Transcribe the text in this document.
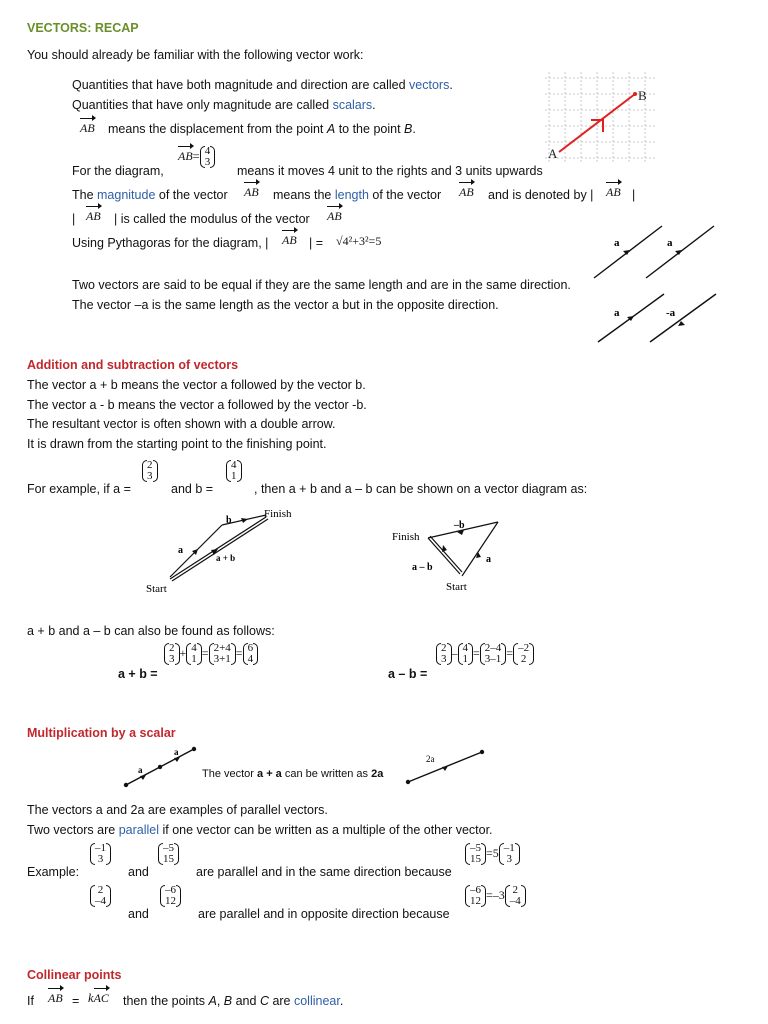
VECTORS: RECAP
You should already be familiar with the following vector work:
Quantities that have both magnitude and direction are called vectors.
Quantities that have only magnitude are called scalars.
AB means the displacement from the point A to the point B.
For the diagram,
AB= 4
3
means it moves 4 unit to the rights and 3 units upwards
The magnitude of the vector AB means the length of the vector AB and is denoted by | AB |
| AB | is called the modulus of the vector AB
Using Pythagoras for the diagram, | AB | = √4²+3²=5
Two vectors are said to be equal if they are the same length and are in the same direction.
The vector –a is the same length as the vector a but in the opposite direction.
A
B
a	a
a	-a
Addition and subtraction of vectors
The vector a + b means the vector a followed by the vector b.
The vector a - b means the vector a followed by the vector -b.
The resultant vector is often shown with a double arrow.
It is drawn from the starting point to the finishing point.
For example, if a =
2
3
and b =
4
1
, then a + b and a – b can be shown on a vector diagram as:
Finish
Start
a
b
a + b
Finish
Start
a
–b
a – b
a + b and a – b can also be found as follows:
a + b =
2
3 + 4
1 = 2+4
3+1 = 6
4
a – b =
2
3 – 4
1 = 2–4
3–1 = –2
2
Multiplication by a scalar
a
a
The vector a + a can be written as 2a
2a
The vectors a and 2a are examples of parallel vectors.
Two vectors are parallel if one vector can be written as a multiple of the other vector.
Example:
–1
3
and
–5
15
are parallel and in the same direction because
–5
15 =5 –1
3
2
–4
and
–6
12
are parallel and in opposite direction because
–6
12 =–3 2
–4
Collinear points
If AB = kAC then the points A, B and C are collinear.
